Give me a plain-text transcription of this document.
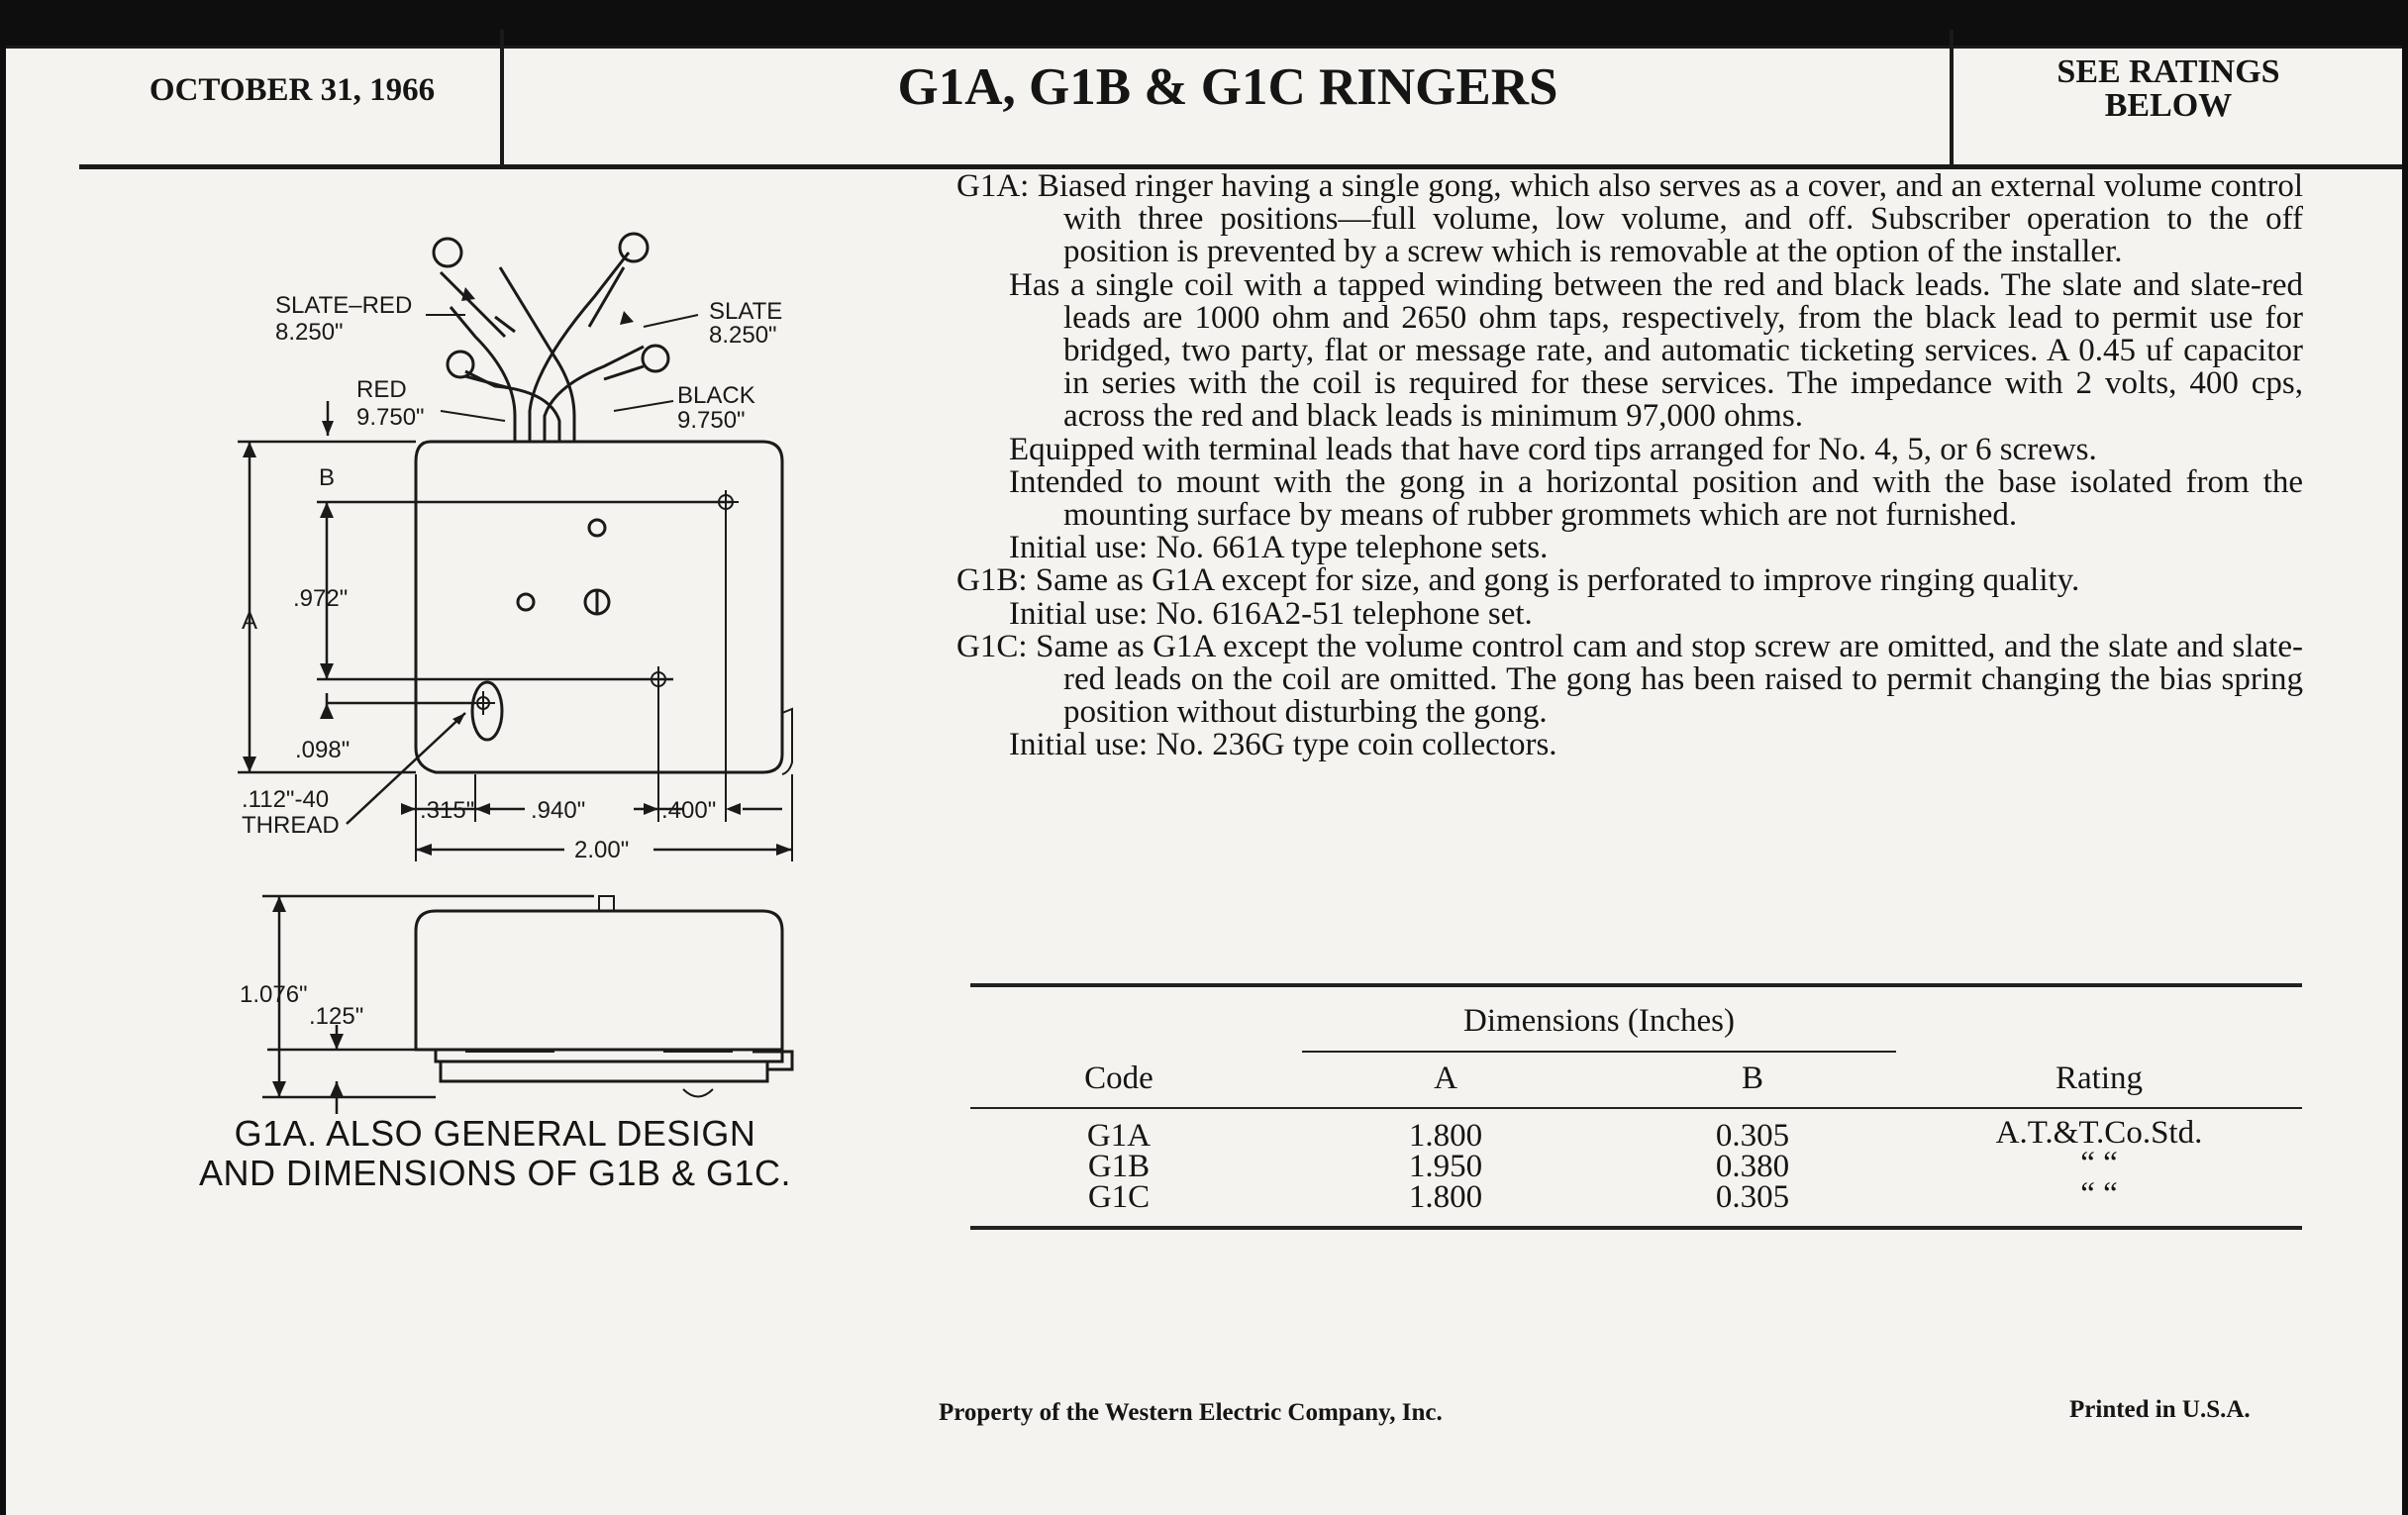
OCTOBER 31, 1966	G1A, G1B & G1C RINGERS	SEE RATINGS
BELOW
SLATE–RED
8.250"
SLATE
8.250"
RED
9.750"
BLACK
9.750"
B
A
.972"
.098"
.112"-40
THREAD
.315" .940"	.400"
2.00"
1.076"
.125"
G1A. ALSO GENERAL DESIGN
AND DIMENSIONS OF G1B & G1C.

G1A: Biased ringer having a single gong, which also serves as a cover, and an external volume control with three positions—full volume, low volume, and off. Subscriber operation to the off position is prevented by a screw which is removable at the option of the installer.

Has a single coil with a tapped winding between the red and black leads. The slate and slate-red leads are 1000 ohm and 2650 ohm taps, respectively, from the black lead to permit use for bridged, two party, flat or message rate, and automatic ticketing services. A 0.45 uf capacitor in series with the coil is required for these services. The impedance with 2 volts, 400 cps, across the red and black leads is minimum 97,000 ohms.

Equipped with terminal leads that have cord tips arranged for No. 4, 5, or 6 screws.

Intended to mount with the gong in a horizontal position and with the base isolated from the mounting surface by means of rubber grommets which are not furnished.

Initial use: No. 661A type telephone sets.

G1B: Same as G1A except for size, and gong is perforated to improve ringing quality.

Initial use: No. 616A2-51 telephone set.

G1C: Same as G1A except the volume control cam and stop screw are omitted, and the slate and slate-red leads on the coil are omitted. The gong has been raised to permit changing the bias spring position without disturbing the gong.

Initial use: No. 236G type coin collectors.

Dimensions (Inches)
Code	A	B	Rating
G1A	1.800	0.305	A.T.&T.Co.Std.
G1B	1.950	0.380	“ “
G1C	1.800	0.305	“ “
Property of the Western Electric Company, Inc.	Printed in U.S.A.
